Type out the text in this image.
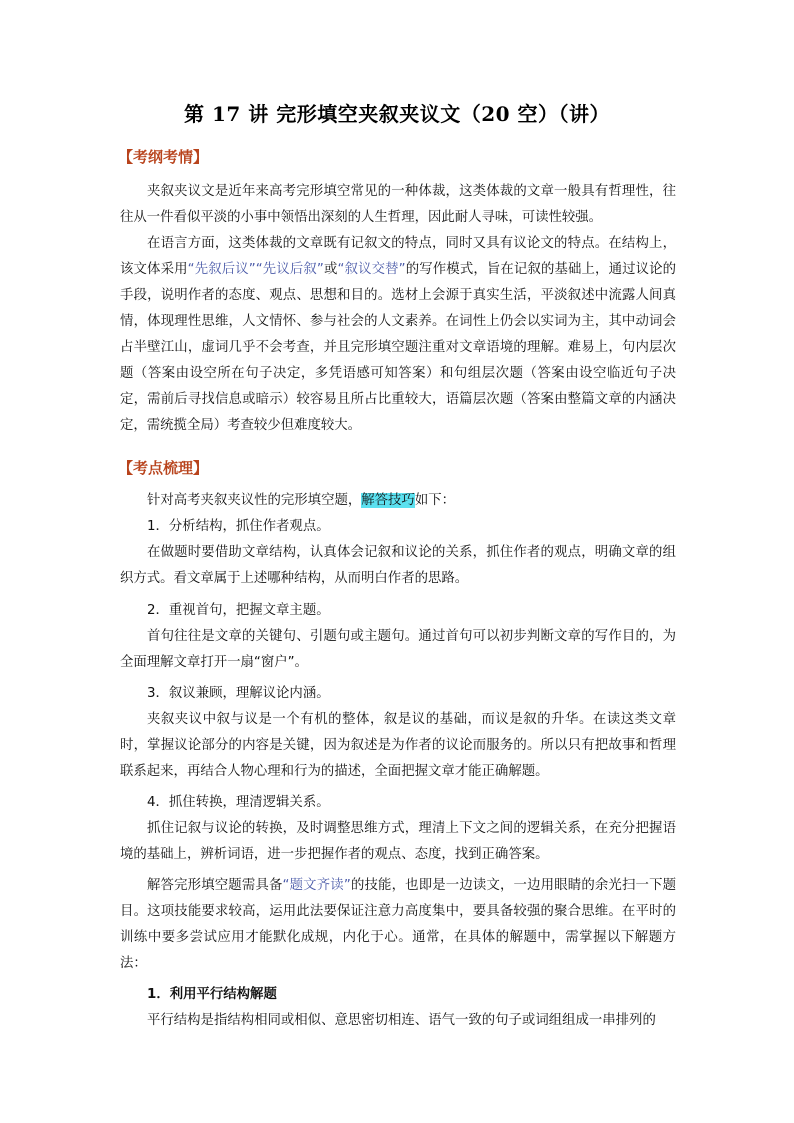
第 17 讲 完形填空夹叙夹议文（20 空）（讲）
【考纲考情】

夹叙夹议文是近年来高考完形填空常见的一种体裁，这类体裁的文章一般具有哲理性，往往从一件看似平淡的小事中领悟出深刻的人生哲理，因此耐人寻味，可读性较强。

在语言方面，这类体裁的文章既有记叙文的特点，同时又具有议论文的特点。在结构上，该文体采用“先叙后议”“先议后叙”或“叙议交替”的写作模式，旨在记叙的基础上，通过议论的手段，说明作者的态度、观点、思想和目的。选材上会源于真实生活，平淡叙述中流露人间真情，体现理性思维，人文情怀、参与社会的人文素养。在词性上仍会以实词为主，其中动词会占半壁江山，虚词几乎不会考查，并且完形填空题注重对文章语境的理解。难易上，句内层次题（答案由设空所在句子决定，多凭语感可知答案）和句组层次题（答案由设空临近句子决定，需前后寻找信息或暗示）较容易且所占比重较大，语篇层次题（答案由整篇文章的内涵决定，需统揽全局）考查较少但难度较大。

【考点梳理】

针对高考夹叙夹议性的完形填空题，解答技巧如下：

1．分析结构，抓住作者观点。

在做题时要借助文章结构，认真体会记叙和议论的关系，抓住作者的观点，明确文章的组织方式。看文章属于上述哪种结构，从而明白作者的思路。

2．重视首句，把握文章主题。

首句往往是文章的关键句、引题句或主题句。通过首句可以初步判断文章的写作目的，为全面理解文章打开一扇“窗户”。

3．叙议兼顾，理解议论内涵。

夹叙夹议中叙与议是一个有机的整体，叙是议的基础，而议是叙的升华。在读这类文章时，掌握议论部分的内容是关键，因为叙述是为作者的议论而服务的。所以只有把故事和哲理联系起来，再结合人物心理和行为的描述，全面把握文章才能正确解题。

4．抓住转换，理清逻辑关系。

抓住记叙与议论的转换，及时调整思维方式，理清上下文之间的逻辑关系，在充分把握语境的基础上，辨析词语，进一步把握作者的观点、态度，找到正确答案。

解答完形填空题需具备“题文齐读”的技能，也即是一边读文，一边用眼睛的余光扫一下题目。这项技能要求较高，运用此法要保证注意力高度集中，要具备较强的聚合思维。在平时的训练中要多尝试应用才能默化成规，内化于心。通常，在具体的解题中，需掌握以下解题方法：

1．利用平行结构解题

平行结构是指结构相同或相似、意思密切相连、语气一致的句子或词组组成一串排列的
